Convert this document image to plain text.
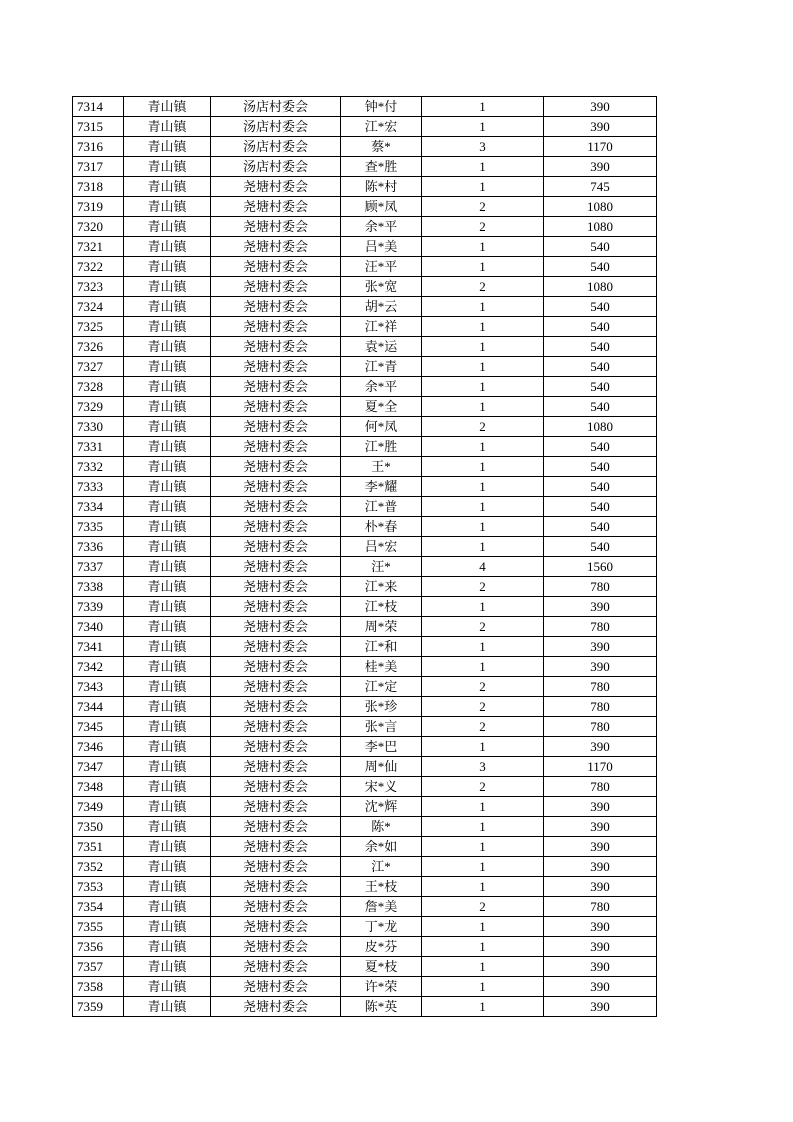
7314	青山镇	汤店村委会	钟*付	1	390
7315	青山镇	汤店村委会	江*宏	1	390
7316	青山镇	汤店村委会	蔡*	3	1170
7317	青山镇	汤店村委会	查*胜	1	390
7318	青山镇	尧塘村委会	陈*村	1	745
7319	青山镇	尧塘村委会	顾*凤	2	1080
7320	青山镇	尧塘村委会	余*平	2	1080
7321	青山镇	尧塘村委会	吕*美	1	540
7322	青山镇	尧塘村委会	汪*平	1	540
7323	青山镇	尧塘村委会	张*宽	2	1080
7324	青山镇	尧塘村委会	胡*云	1	540
7325	青山镇	尧塘村委会	江*祥	1	540
7326	青山镇	尧塘村委会	袁*运	1	540
7327	青山镇	尧塘村委会	江*青	1	540
7328	青山镇	尧塘村委会	余*平	1	540
7329	青山镇	尧塘村委会	夏*全	1	540
7330	青山镇	尧塘村委会	何*凤	2	1080
7331	青山镇	尧塘村委会	江*胜	1	540
7332	青山镇	尧塘村委会	王*	1	540
7333	青山镇	尧塘村委会	李*耀	1	540
7334	青山镇	尧塘村委会	江*普	1	540
7335	青山镇	尧塘村委会	朴*春	1	540
7336	青山镇	尧塘村委会	吕*宏	1	540
7337	青山镇	尧塘村委会	汪*	4	1560
7338	青山镇	尧塘村委会	江*来	2	780
7339	青山镇	尧塘村委会	江*枝	1	390
7340	青山镇	尧塘村委会	周*荣	2	780
7341	青山镇	尧塘村委会	江*和	1	390
7342	青山镇	尧塘村委会	桂*美	1	390
7343	青山镇	尧塘村委会	江*定	2	780
7344	青山镇	尧塘村委会	张*珍	2	780
7345	青山镇	尧塘村委会	张*言	2	780
7346	青山镇	尧塘村委会	李*巴	1	390
7347	青山镇	尧塘村委会	周*仙	3	1170
7348	青山镇	尧塘村委会	宋*义	2	780
7349	青山镇	尧塘村委会	沈*辉	1	390
7350	青山镇	尧塘村委会	陈*	1	390
7351	青山镇	尧塘村委会	余*如	1	390
7352	青山镇	尧塘村委会	江*	1	390
7353	青山镇	尧塘村委会	王*枝	1	390
7354	青山镇	尧塘村委会	詹*美	2	780
7355	青山镇	尧塘村委会	丁*龙	1	390
7356	青山镇	尧塘村委会	皮*芬	1	390
7357	青山镇	尧塘村委会	夏*枝	1	390
7358	青山镇	尧塘村委会	许*荣	1	390
7359	青山镇	尧塘村委会	陈*英	1	390
